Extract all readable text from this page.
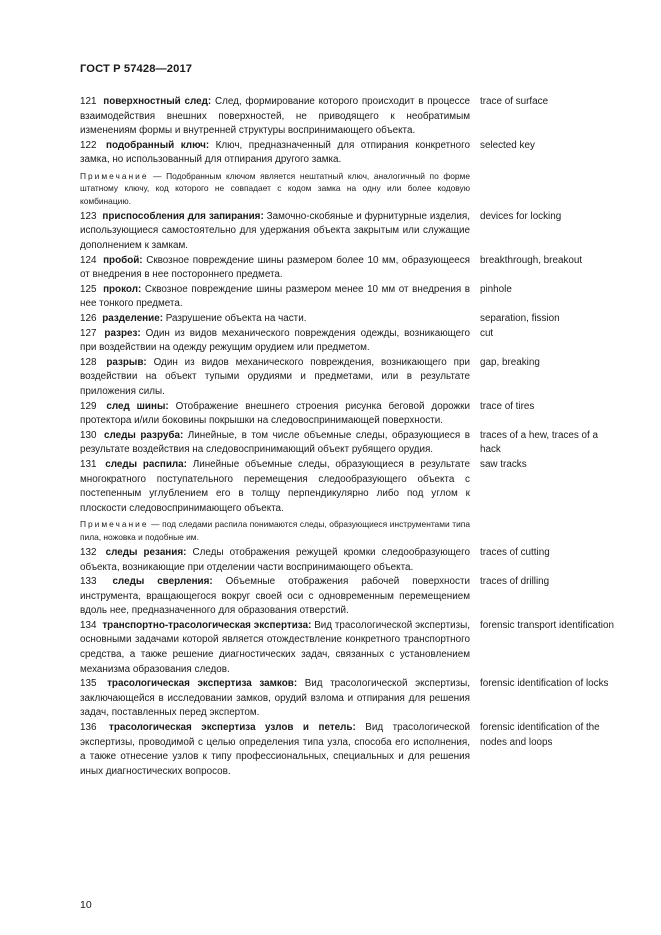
ГОСТ Р 57428—2017
121 поверхностный след: След, формирование которого происходит в процессе взаимодействия внешних поверхностей, не приводящего к необратимым изменениям формы и внутренней структуры воспринимающего объекта.
trace of surface
122 подобранный ключ: Ключ, предназначенный для отпирания конкретного замка, но использованный для отпирания другого замка.
selected key
Примечание — Подобранным ключом является нештатный ключ, аналогичный по форме штатному ключу, код которого не совпадает с кодом замка на одну или более кодовую комбинацию.
123 приспособления для запирания: Замочно-скобяные и фурнитурные изделия, использующиеся самостоятельно для удержания объекта закрытым или служащие дополнением к замкам.
devices for locking
124 пробой: Сквозное повреждение шины размером более 10 мм, образующееся от внедрения в нее постороннего предмета.
breakthrough, breakout
125 прокол: Сквозное повреждение шины размером менее 10 мм от внедрения в нее тонкого предмета.
pinhole
126 разделение: Разрушение объекта на части.	separation, fission
127 разрез: Один из видов механического повреждения одежды, возникающего при воздействии на одежду режущим орудием или предметом.
cut
128 разрыв: Один из видов механического повреждения, возникающего при воздействии на объект тупыми орудиями и предметами, или в результате приложения силы.
gap, breaking
129 след шины: Отображение внешнего строения рисунка беговой дорожки протектора и/или боковины покрышки на следовоспринимающей поверхности.
trace of tires
130 следы разруба: Линейные, в том числе объемные следы, образующиеся в результате воздействия на следовоспринимающий объект рубящего орудия.
traces of a hew, traces of a hack
131 следы распила: Линейные объемные следы, образующиеся в результате многократного поступательного перемещения следообразующего объекта с постепенным углублением его в толщу перпендикулярно либо под углом к плоскости следовоспринимающего объекта.
saw tracks
Примечание — под следами распила понимаются следы, образующиеся инструментами типа пила, ножовка и подобные им.
132 следы резания: Следы отображения режущей кромки следообразующего объекта, возникающие при отделении части воспринимающего объекта.
traces of cutting
133 следы сверления: Объемные отображения рабочей поверхности инструмента, вращающегося вокруг своей оси с одновременным перемещением вдоль нее, предназначенного для образования отверстий.
traces of drilling
134 транспортно-трасологическая экспертиза: Вид трасологической экспертизы, основными задачами которой является отождествление конкретного транспортного средства, а также решение диагностических задач, связанных с установлением механизма образования следов.
forensic transport identification
135 трасологическая экспертиза замков: Вид трасологической экспертизы, заключающейся в исследовании замков, орудий взлома и отпирания для решения задач, поставленных перед экспертом.
forensic identification of locks
136 трасологическая экспертиза узлов и петель: Вид трасологической экспертизы, проводимой с целью определения типа узла, способа его исполнения, а также отнесение узлов к типу профессиональных, специальных и для решения иных диагностических вопросов.
forensic identification of the nodes and loops
10
